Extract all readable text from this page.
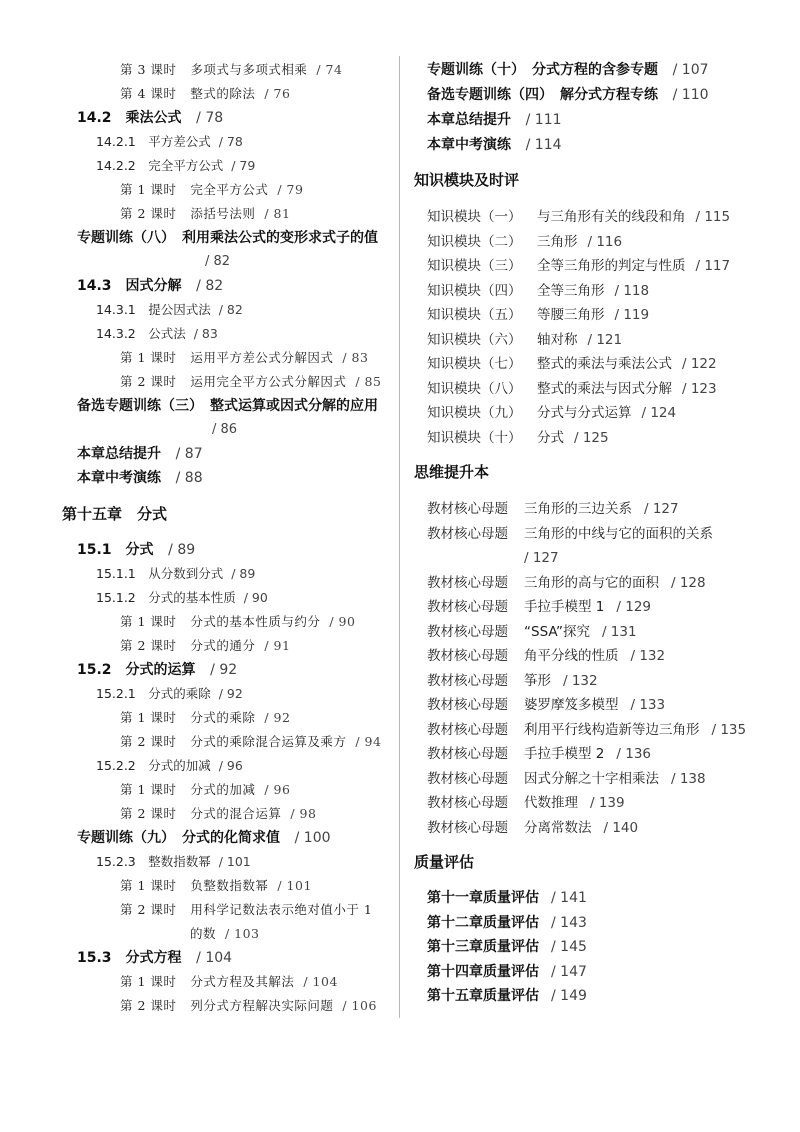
第 3 课时 多项式与多项式相乘 / 74
第 4 课时 整式的除法 / 76
14.2　乘法公式 / 78
14.2.1　平方差公式 / 78
14.2.2　完全平方公式 / 79
第 1 课时 完全平方公式 / 79
第 2 课时 添括号法则 / 81
专题训练（八）　利用乘法公式的变形求式子的值
/ 82
14.3　因式分解 / 82
14.3.1　提公因式法 / 82
14.3.2　公式法 / 83
第 1 课时 运用平方差公式分解因式 / 83
第 2 课时 运用完全平方公式分解因式 / 85
备选专题训练（三）　整式运算或因式分解的应用
/ 86
本章总结提升 / 87
本章中考演练 / 88
第十五章　分式
15.1　分式 / 89
15.1.1　从分数到分式 / 89
15.1.2　分式的基本性质 / 90
第 1 课时 分式的基本性质与约分 / 90
第 2 课时 分式的通分 / 91
15.2　分式的运算 / 92
15.2.1　分式的乘除 / 92
第 1 课时 分式的乘除 / 92
第 2 课时 分式的乘除混合运算及乘方 / 94
15.2.2　分式的加减 / 96
第 1 课时 分式的加减 / 96
第 2 课时 分式的混合运算 / 98
专题训练（九）　分式的化简求值 / 100
15.2.3　整数指数幂 / 101
第 1 课时 负整数指数幂 / 101
第 2 课时 用科学记数法表示绝对值小于 1
的数 / 103
15.3　分式方程 / 104
第 1 课时 分式方程及其解法 / 104
第 2 课时 列分式方程解决实际问题 / 106
专题训练（十）　分式方程的含参专题 / 107
备选专题训练（四）　解分式方程专练 / 110
本章总结提升 / 111
本章中考演练 / 114
知识模块及时评
知识模块（一） 与三角形有关的线段和角 / 115
知识模块（二） 三角形 / 116
知识模块（三） 全等三角形的判定与性质 / 117
知识模块（四） 全等三角形 / 118
知识模块（五） 等腰三角形 / 119
知识模块（六） 轴对称 / 121
知识模块（七） 整式的乘法与乘法公式 / 122
知识模块（八） 整式的乘法与因式分解 / 123
知识模块（九） 分式与分式运算 / 124
知识模块（十） 分式 / 125
思维提升本
教材核心母题 三角形的三边关系 / 127
教材核心母题 三角形的中线与它的面积的关系
/ 127
教材核心母题 三角形的高与它的面积 / 128
教材核心母题 手拉手模型 1 / 129
教材核心母题 “SSA”探究 / 131
教材核心母题 角平分线的性质 / 132
教材核心母题 筝形 / 132
教材核心母题 婆罗摩笈多模型 / 133
教材核心母题 利用平行线构造新等边三角形 / 135
教材核心母题 手拉手模型 2 / 136
教材核心母题 因式分解之十字相乘法 / 138
教材核心母题 代数推理 / 139
教材核心母题 分离常数法 / 140
质量评估
第十一章质量评估 / 141
第十二章质量评估 / 143
第十三章质量评估 / 145
第十四章质量评估 / 147
第十五章质量评估 / 149
